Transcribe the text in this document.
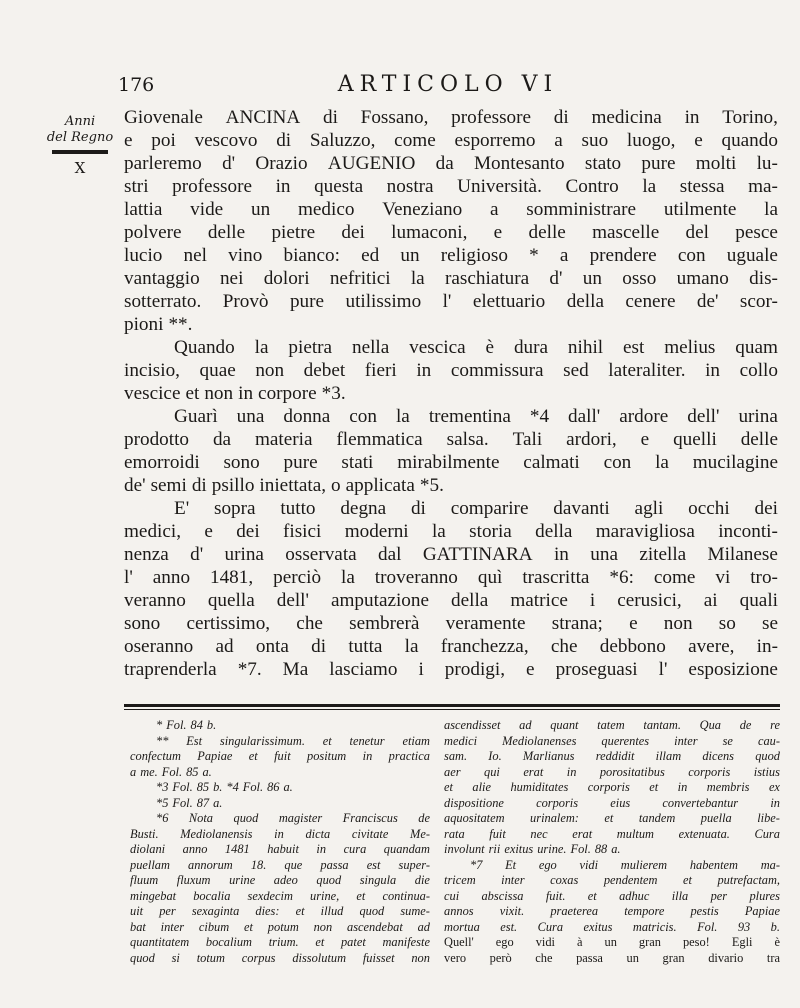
176	ARTICOLO VI
Anni
del Regno
X
Giovenale ANCINA di Fossano, professore di medicina in Torino,
e poi vescovo di Saluzzo, come esporremo a suo luogo, e quando
parleremo d' Orazio AUGENIO da Montesanto stato pure molti lu-
stri professore in questa nostra Università. Contro la stessa ma-
lattia vide un medico Veneziano a somministrare utilmente la
polvere delle pietre dei lumaconi, e delle mascelle del pesce
lucio nel vino bianco: ed un religioso * a prendere con uguale
vantaggio nei dolori nefritici la raschiatura d' un osso umano dis-
sotterrato. Provò pure utilissimo l' elettuario della cenere de' scor-
pioni **.
Quando la pietra nella vescica è dura nihil est melius quam
incisio, quae non debet fieri in commissura sed lateraliter. in collo
vescice et non in corpore *3.
Guarì una donna con la trementina *4 dall' ardore dell' urina
prodotto da materia flemmatica salsa. Tali ardori, e quelli delle
emorroidi sono pure stati mirabilmente calmati con la mucilagine
de' semi di psillo iniettata, o applicata *5.
E' sopra tutto degna di comparire davanti agli occhi dei
medici, e dei fisici moderni la storia della maravigliosa inconti-
nenza d' urina osservata dal GATTINARA in una zitella Milanese
l' anno 1481, perciò la troveranno quì trascritta *6: come vi tro-
veranno quella dell' amputazione della matrice i cerusici, ai quali
sono certissimo, che sembrerà veramente strana; e non so se
oseranno ad onta di tutta la franchezza, che debbono avere, in-
traprenderla *7. Ma lasciamo i prodigi, e proseguasi l' esposizione
* Fol. 84 b.
** Est singularissimum. et tenetur etiam
confectum Papiae et fuit positum in practica
a me. Fol. 85 a.
*3 Fol. 85 b. *4 Fol. 86 a.
*5 Fol. 87 a.
*6 Nota quod magister Franciscus de
Busti. Mediolanensis in dicta civitate Me-
diolani anno 1481 habuit in cura quandam
puellam annorum 18. que passa est super-
fluum fluxum urine adeo quod singula die
mingebat bocalia sexdecim urine, et continua-
uit per sexaginta dies: et illud quod sume-
bat inter cibum et potum non ascendebat ad
quantitatem bocalium trium. et patet manifeste
quod si totum corpus dissolutum fuisset non
ascendisset ad quant tatem tantam. Qua de re
medici Mediolanenses querentes inter se cau-
sam. Io. Marlianus reddidit illam dicens quod
aer qui erat in porositatibus corporis istius
et alie humiditates corporis et in membris ex
dispositione	corporis	eius	convertebantur	in
aquositatem urinalem: et tandem puella libe-
rata fuit nec erat multum extenuata. Cura
involunt rii exitus urine. Fol. 88 a.
*7 Et ego vidi mulierem habentem ma-
tricem inter coxas pendentem et putrefactam,
cui abscissa fuit. et adhuc illa per plures
annos vixit. praeterea tempore pestis Papiae
mortua est. Cura exitus matricis. Fol. 93 b.
Quell' ego vidi à un gran peso! Egli è
vero però che passa un gran divario tra
